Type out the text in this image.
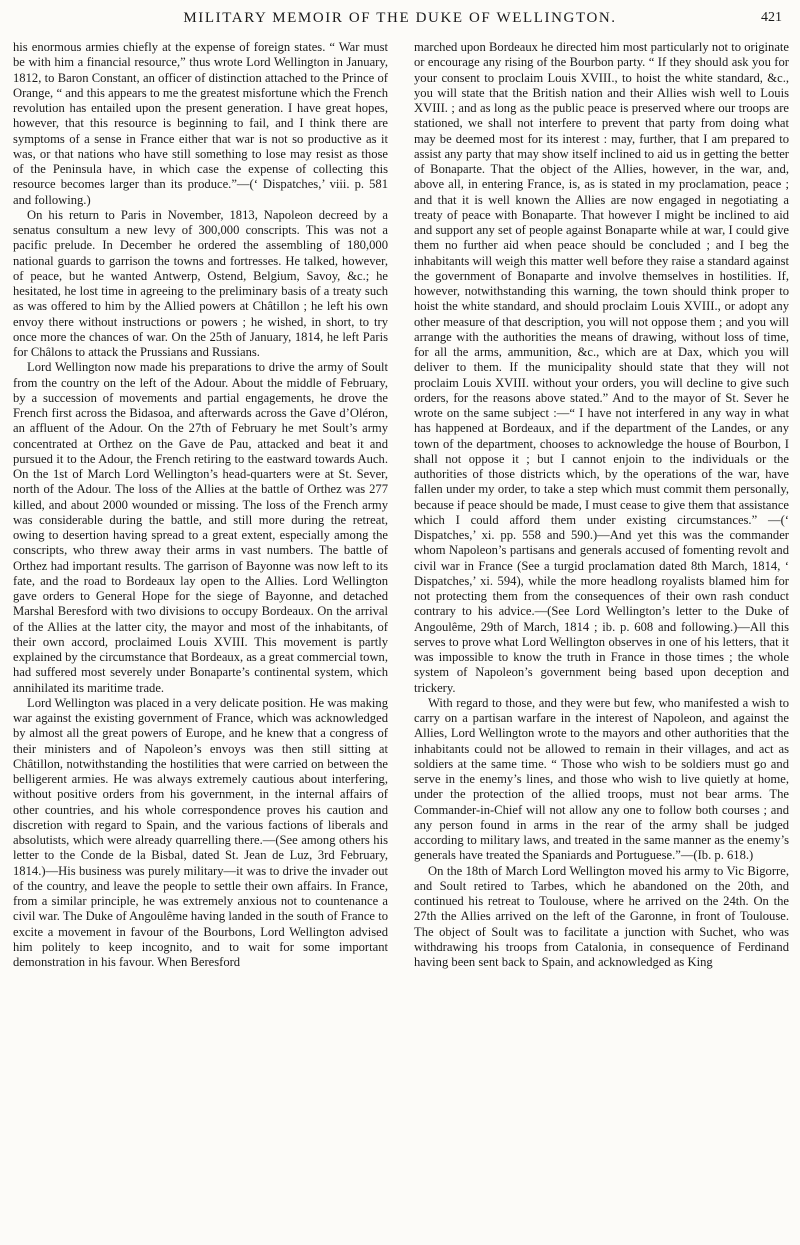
MILITARY MEMOIR OF THE DUKE OF WELLINGTON.	421

his enormous armies chiefly at the expense of foreign states. “ War must be with him a financial resource,” thus wrote Lord Wellington in January, 1812, to Baron Constant, an officer of distinction attached to the Prince of Orange, “ and this appears to me the greatest misfortune which the French revolution has entailed upon the present generation. I have great hopes, however, that this resource is beginning to fail, and I think there are symptoms of a sense in France either that war is not so productive as it was, or that nations who have still something to lose may resist as those of the Peninsula have, in which case the expense of collecting this resource becomes larger than its produce.”—(‘ Dispatches,’ viii. p. 581 and following.)

On his return to Paris in November, 1813, Napoleon decreed by a senatus consultum a new levy of 300,000 conscripts. This was not a pacific prelude. In December he ordered the assembling of 180,000 national guards to garrison the towns and fortresses. He talked, however, of peace, but he wanted Antwerp, Ostend, Belgium, Savoy, &c.; he hesitated, he lost time in agreeing to the preliminary basis of a treaty such as was offered to him by the Allied powers at Châtillon ; he left his own envoy there without instructions or powers ; he wished, in short, to try once more the chances of war. On the 25th of January, 1814, he left Paris for Châlons to attack the Prussians and Russians.

Lord Wellington now made his preparations to drive the army of Soult from the country on the left of the Adour. About the middle of February, by a succession of movements and partial engagements, he drove the French first across the Bidasoa, and afterwards across the Gave d’Oléron, an affluent of the Adour. On the 27th of February he met Soult’s army concentrated at Orthez on the Gave de Pau, attacked and beat it and pursued it to the Adour, the French retiring to the eastward towards Auch. On the 1st of March Lord Wellington’s head-quarters were at St. Sever, north of the Adour. The loss of the Allies at the battle of Orthez was 277 killed, and about 2000 wounded or missing. The loss of the French army was considerable during the battle, and still more during the retreat, owing to desertion having spread to a great extent, especially among the conscripts, who threw away their arms in vast numbers. The battle of Orthez had important results. The garrison of Bayonne was now left to its fate, and the road to Bordeaux lay open to the Allies. Lord Wellington gave orders to General Hope for the siege of Bayonne, and detached Marshal Beresford with two divisions to occupy Bordeaux. On the arrival of the Allies at the latter city, the mayor and most of the inhabitants, of their own accord, proclaimed Louis XVIII. This movement is partly explained by the circumstance that Bordeaux, as a great commercial town, had suffered most severely under Bonaparte’s continental system, which annihilated its maritime trade.

Lord Wellington was placed in a very delicate position. He was making war against the existing government of France, which was acknowledged by almost all the great powers of Europe, and he knew that a congress of their ministers and of Napoleon’s envoys was then still sitting at Châtillon, notwithstanding the hostilities that were carried on between the belligerent armies. He was always extremely cautious about interfering, without positive orders from his government, in the internal affairs of other countries, and his whole correspondence proves his caution and discretion with regard to Spain, and the various factions of liberals and absolutists, which were already quarrelling there.—(See among others his letter to the Conde de la Bisbal, dated St. Jean de Luz, 3rd February, 1814.)—His business was purely military—it was to drive the invader out of the country, and leave the people to settle their own affairs. In France, from a similar principle, he was extremely anxious not to countenance a civil war. The Duke of Angoulême having landed in the south of France to excite a movement in favour of the Bourbons, Lord Wellington advised him politely to keep incognito, and to wait for some important demonstration in his favour. When Beresford

marched upon Bordeaux he directed him most particularly not to originate or encourage any rising of the Bourbon party. “ If they should ask you for your consent to proclaim Louis XVIII., to hoist the white standard, &c., you will state that the British nation and their Allies wish well to Louis XVIII. ; and as long as the public peace is preserved where our troops are stationed, we shall not interfere to prevent that party from doing what may be deemed most for its interest : may, further, that I am prepared to assist any party that may show itself inclined to aid us in getting the better of Bonaparte. That the object of the Allies, however, in the war, and, above all, in entering France, is, as is stated in my proclamation, peace ; and that it is well known the Allies are now engaged in negotiating a treaty of peace with Bonaparte. That however I might be inclined to aid and support any set of people against Bonaparte while at war, I could give them no further aid when peace should be concluded ; and I beg the inhabitants will weigh this matter well before they raise a standard against the government of Bonaparte and involve themselves in hostilities. If, however, notwithstanding this warning, the town should think proper to hoist the white standard, and should proclaim Louis XVIII., or adopt any other measure of that description, you will not oppose them ; and you will arrange with the authorities the means of drawing, without loss of time, for all the arms, ammunition, &c., which are at Dax, which you will deliver to them. If the municipality should state that they will not proclaim Louis XVIII. without your orders, you will decline to give such orders, for the reasons above stated.” And to the mayor of St. Sever he wrote on the same subject :—“ I have not interfered in any way in what has happened at Bordeaux, and if the department of the Landes, or any town of the department, chooses to acknowledge the house of Bourbon, I shall not oppose it ; but I cannot enjoin to the individuals or the authorities of those districts which, by the operations of the war, have fallen under my order, to take a step which must commit them personally, because if peace should be made, I must cease to give them that assistance which I could afford them under existing circumstances.” —(‘ Dispatches,’ xi. pp. 558 and 590.)—And yet this was the commander whom Napoleon’s partisans and generals accused of fomenting revolt and civil war in France (See a turgid proclamation dated 8th March, 1814, ‘ Dispatches,’ xi. 594), while the more headlong royalists blamed him for not protecting them from the consequences of their own rash conduct contrary to his advice.—(See Lord Wellington’s letter to the Duke of Angoulême, 29th of March, 1814 ; ib. p. 608 and following.)—All this serves to prove what Lord Wellington observes in one of his letters, that it was impossible to know the truth in France in those times ; the whole system of Napoleon’s government being based upon deception and trickery.

With regard to those, and they were but few, who manifested a wish to carry on a partisan warfare in the interest of Napoleon, and against the Allies, Lord Wellington wrote to the mayors and other authorities that the inhabitants could not be allowed to remain in their villages, and act as soldiers at the same time. “ Those who wish to be soldiers must go and serve in the enemy’s lines, and those who wish to live quietly at home, under the protection of the allied troops, must not bear arms. The Commander-in-Chief will not allow any one to follow both courses ; and any person found in arms in the rear of the army shall be judged according to military laws, and treated in the same manner as the enemy’s generals have treated the Spaniards and Portuguese.”—(Ib. p. 618.)

On the 18th of March Lord Wellington moved his army to Vic Bigorre, and Soult retired to Tarbes, which he abandoned on the 20th, and continued his retreat to Toulouse, where he arrived on the 24th. On the 27th the Allies arrived on the left of the Garonne, in front of Toulouse. The object of Soult was to facilitate a junction with Suchet, who was withdrawing his troops from Catalonia, in consequence of Ferdinand having been sent back to Spain, and acknowledged as King
